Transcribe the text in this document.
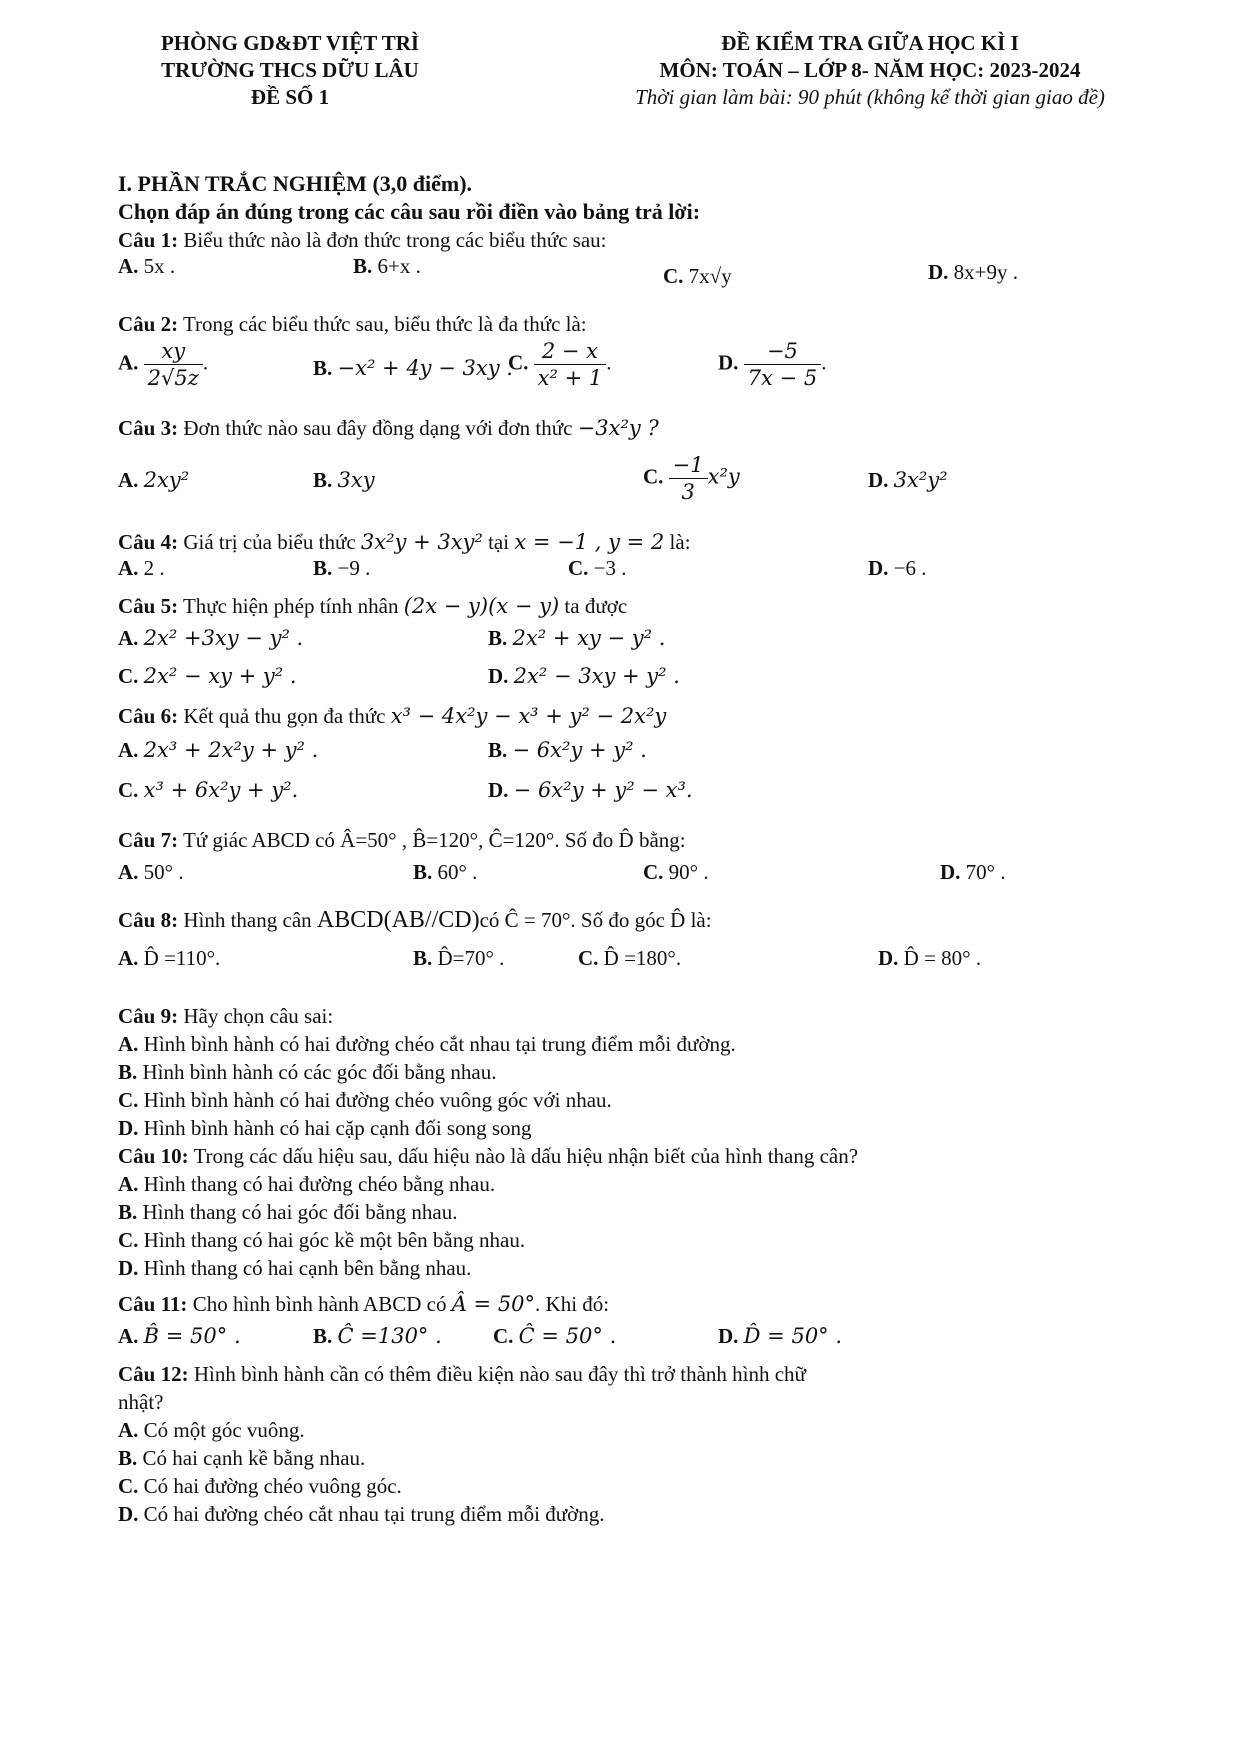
PHÒNG GD&ĐT VIỆT TRÌ
TRƯỜNG THCS DỮU LÂU
ĐỀ SỐ 1
ĐỀ KIỂM TRA GIỮA HỌC KÌ I
MÔN: TOÁN – LỚP 8- NĂM HỌC: 2023-2024
Thời gian làm bài: 90 phút (không kể thời gian giao đề)
I. PHẦN TRẮC NGHIỆM (3,0 điểm).
Chọn đáp án đúng trong các câu sau rồi điền vào bảng trả lời:
Câu 1: Biểu thức nào là đơn thức trong các biểu thức sau:
A. 5x .	B. 6+x .	C. 7x√y	D. 8x+9y .
Câu 2: Trong các biểu thức sau, biểu thức là đa thức là:
A. $\frac{xy}{2√5z}$ .	B. −x² + 4y − 3xy .
C. $\frac{2 - x}{\text{x² + 1}}$ .	D. $\frac{-5}{7x - 5}$ .
Câu 3: Đơn thức nào sau đây đồng dạng với đơn thức −3x²y ?
A. 2xy²	B. 3xy	C. $\frac{-1}{3} x^2y$	D. 3x²y²
Câu 4: Giá trị của biểu thức 3x²y + 3xy² tại x = −1 , y = 2 là:
A. 2 .	B. −9 .	C. −3 .	D. −6 .
Câu 5: Thực hiện phép tính nhân (2x − y)(x − y) ta được
A. 2x² +3xy − y² .	B. 2x² + xy − y² .
C. 2x² − xy + y² .	D. 2x² − 3xy + y² .
Câu 6: Kết quả thu gọn đa thức x³ − 4x²y − x³ + y² − 2x²y
A. 2x³ + 2x²y + y² .	B. − 6x²y + y² .
C. x³ + 6x²y + y².	D. − 6x²y + y² − x³.
Câu 7: Tứ giác ABCD có Â=50° , B̂=120°, Ĉ=120°. Số đo D̂ bằng:
A. 50° .	B. 60° .	C. 90° .	D. 70° .
Câu 8: Hình thang cân ABCD(AB//CD)có Ĉ = 70°. Số đo góc D̂ là:
A. D̂ =110°.	B. D̂=70° .	C. D̂ =180°.	D. D̂ = 80° .
Câu 9: Hãy chọn câu sai:
A. Hình bình hành có hai đường chéo cắt nhau tại trung điểm mỗi đường.
B. Hình bình hành có các góc đối bằng nhau.
C. Hình bình hành có hai đường chéo vuông góc với nhau.
D. Hình bình hành có hai cặp cạnh đối song song
Câu 10: Trong các dấu hiệu sau, dấu hiệu nào là dấu hiệu nhận biết của hình thang cân?
A. Hình thang có hai đường chéo bằng nhau.
B. Hình thang có hai góc đối bằng nhau.
C. Hình thang có hai góc kề một bên bằng nhau.
D. Hình thang có hai cạnh bên bằng nhau.
Câu 11: Cho hình bình hành ABCD có Â = 50°. Khi đó:
A. B̂ = 50° .	B. Ĉ =130° . C. Ĉ = 50° .	D. D̂ = 50° .
Câu 12: Hình bình hành cần có thêm điều kiện nào sau đây thì trở thành hình chữ
nhật?
A. Có một góc vuông.
B. Có hai cạnh kề bằng nhau.
C. Có hai đường chéo vuông góc.
D. Có hai đường chéo cắt nhau tại trung điểm mỗi đường.
